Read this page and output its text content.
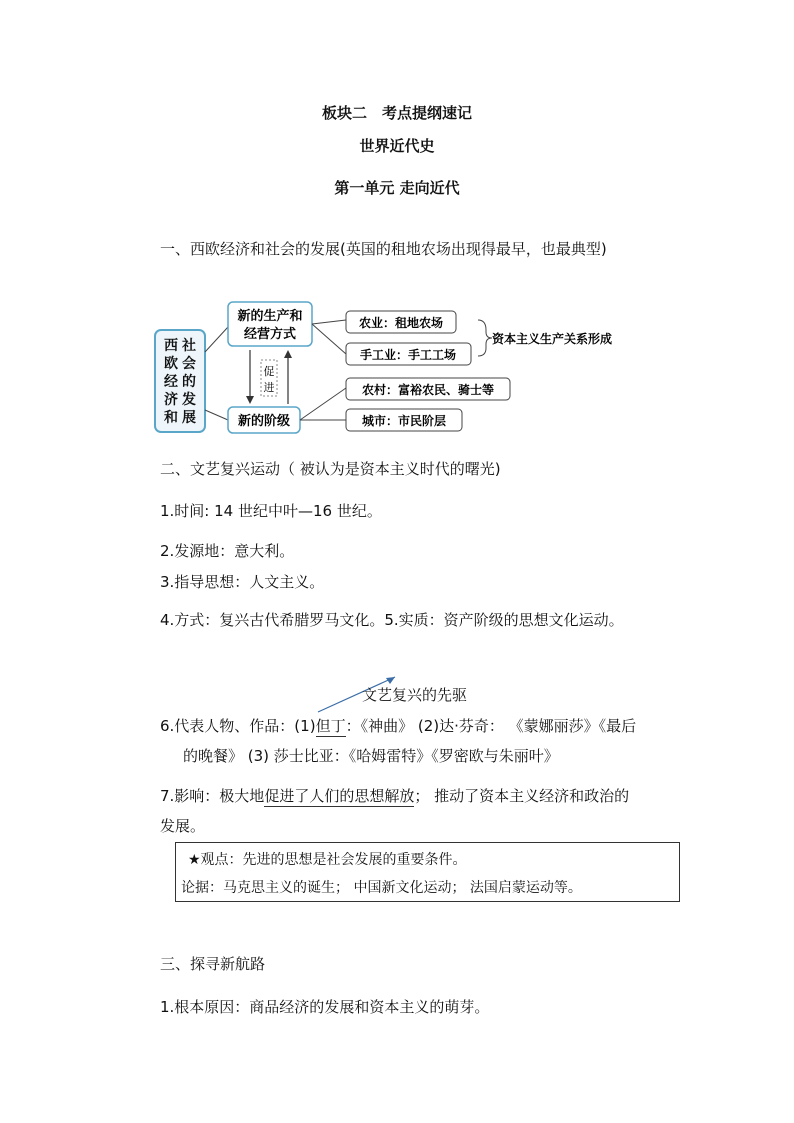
板块二　考点提纲速记
世界近代史
第一单元 走向近代
一、西欧经济和社会的发展(英国的租地农场出现得最早，也最典型)
西
欧
经
济
和
社
会
的
发
展
新的生产和
经营方式
新的阶级
促
进
农业：租地农场
手工业：手工工场
资本主义生产关系形成
农村：富裕农民、骑士等
城市：市民阶层
二、文艺复兴运动（ 被认为是资本主义时代的曙光)
1.时间: 14 世纪中叶—16 世纪。
2.发源地：意大利。
3.指导思想：人文主义。
4.方式：复兴古代希腊罗马文化。5.实质：资产阶级的思想文化运动。
文艺复兴的先驱
6.代表人物、作品：(1)但丁：《神曲》 (2)达·芬奇： 《蒙娜丽莎》《最后
的晚餐》 (3) 莎士比亚：《哈姆雷特》《罗密欧与朱丽叶》
7.影响：极大地促进了人们的思想解放； 推动了资本主义经济和政治的
发展。
★观点：先进的思想是社会发展的重要条件。
论据：马克思主义的诞生； 中国新文化运动； 法国启蒙运动等。
三、探寻新航路
1.根本原因：商品经济的发展和资本主义的萌芽。
